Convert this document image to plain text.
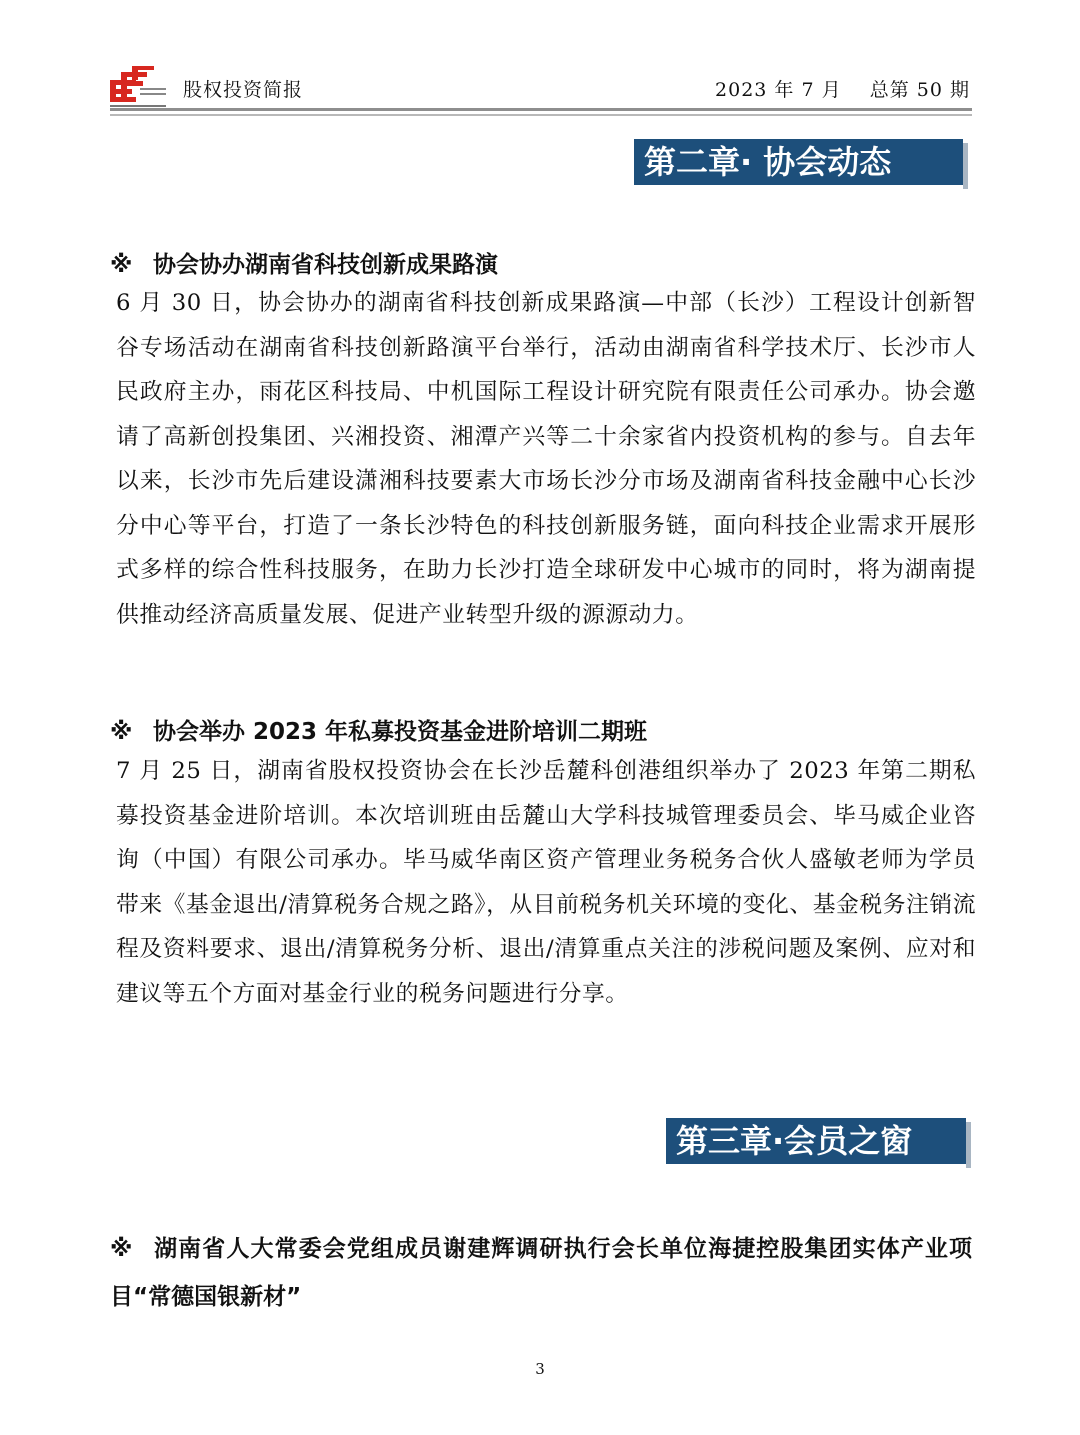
股权投资简报	2023 年 7 月    总第 50 期
第二章· 协会动态
※ 协会协办湖南省科技创新成果路演
6 月 30 日，协会协办的湖南省科技创新成果路演—中部（长沙）工程设计创新智谷专场活动在湖南省科技创新路演平台举行，活动由湖南省科学技术厅、长沙市人民政府主办，雨花区科技局、中机国际工程设计研究院有限责任公司承办。协会邀请了高新创投集团、兴湘投资、湘潭产兴等二十余家省内投资机构的参与。自去年以来，长沙市先后建设潇湘科技要素大市场长沙分市场及湖南省科技金融中心长沙分中心等平台，打造了一条长沙特色的科技创新服务链，面向科技企业需求开展形式多样的综合性科技服务，在助力长沙打造全球研发中心城市的同时，将为湖南提供推动经济高质量发展、促进产业转型升级的源源动力。
※ 协会举办 2023 年私募投资基金进阶培训二期班
7 月 25 日，湖南省股权投资协会在长沙岳麓科创港组织举办了 2023 年第二期私募投资基金进阶培训。本次培训班由岳麓山大学科技城管理委员会、毕马威企业咨询（中国）有限公司承办。毕马威华南区资产管理业务税务合伙人盛敏老师为学员带来《基金退出/清算税务合规之路》，从目前税务机关环境的变化、基金税务注销流程及资料要求、退出/清算税务分析、退出/清算重点关注的涉税问题及案例、应对和建议等五个方面对基金行业的税务问题进行分享。
第三章·会员之窗
※ 湖南省人大常委会党组成员谢建辉调研执行会长单位海捷控股集团实体产业项目“常德国银新材”
3
